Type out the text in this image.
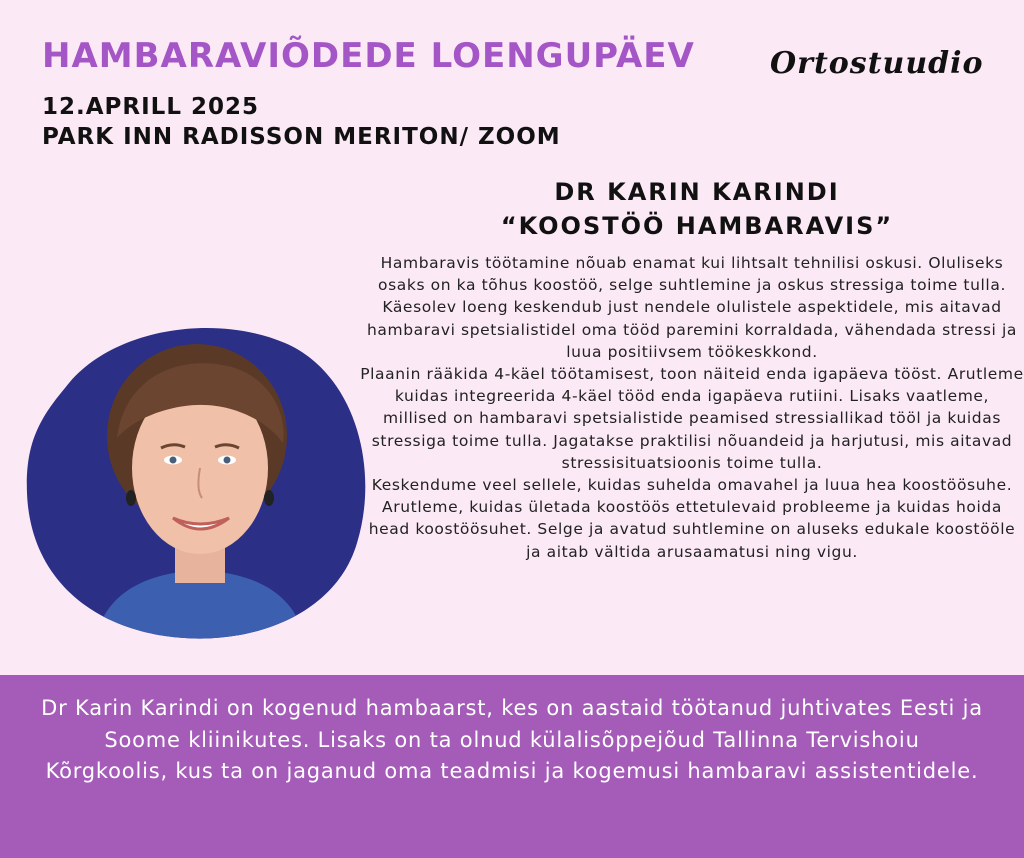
HAMBARAVIÕDEDE LOENGUPÄEV	Ortostuudio
12.APRILL 2025
PARK INN RADISSON MERITON/ ZOOM
DR KARIN KARINDI
“KOOSTÖÖ HAMBARAVIS”

Hambaravis töötamine nõuab enamat kui lihtsalt tehnilisi oskusi. Oluliseks osaks on ka tõhus koostöö, selge suhtlemine ja oskus stressiga toime tulla. Käesolev loeng keskendub just nendele olulistele aspektidele, mis aitavad hambaravi spetsialistidel oma tööd paremini korraldada, vähendada stressi ja luua positiivsem töökeskkond.

Plaanin rääkida 4-käel töötamisest, toon näiteid enda igapäeva tööst. Arutleme kuidas integreerida 4-käel tööd enda igapäeva rutiini. Lisaks vaatleme, millised on hambaravi spetsialistide peamised stressiallikad tööl ja kuidas stressiga toime tulla. Jagatakse praktilisi nõuandeid ja harjutusi, mis aitavad stressisituatsioonis toime tulla.

Keskendume veel sellele, kuidas suhelda omavahel ja luua hea koostöösuhe. Arutleme, kuidas ületada koostöös ettetulevaid probleeme ja kuidas hoida head koostöösuhet. Selge ja avatud suhtlemine on aluseks edukale koostööle ja aitab vältida arusaamatusi ning vigu.

Dr Karin Karindi on kogenud hambaarst, kes on aastaid töötanud juhtivates Eesti ja Soome kliinikutes. Lisaks on ta olnud külalisõppejõud Tallinna Tervishoiu Kõrgkoolis, kus ta on jaganud oma teadmisi ja kogemusi hambaravi assistentidele.
